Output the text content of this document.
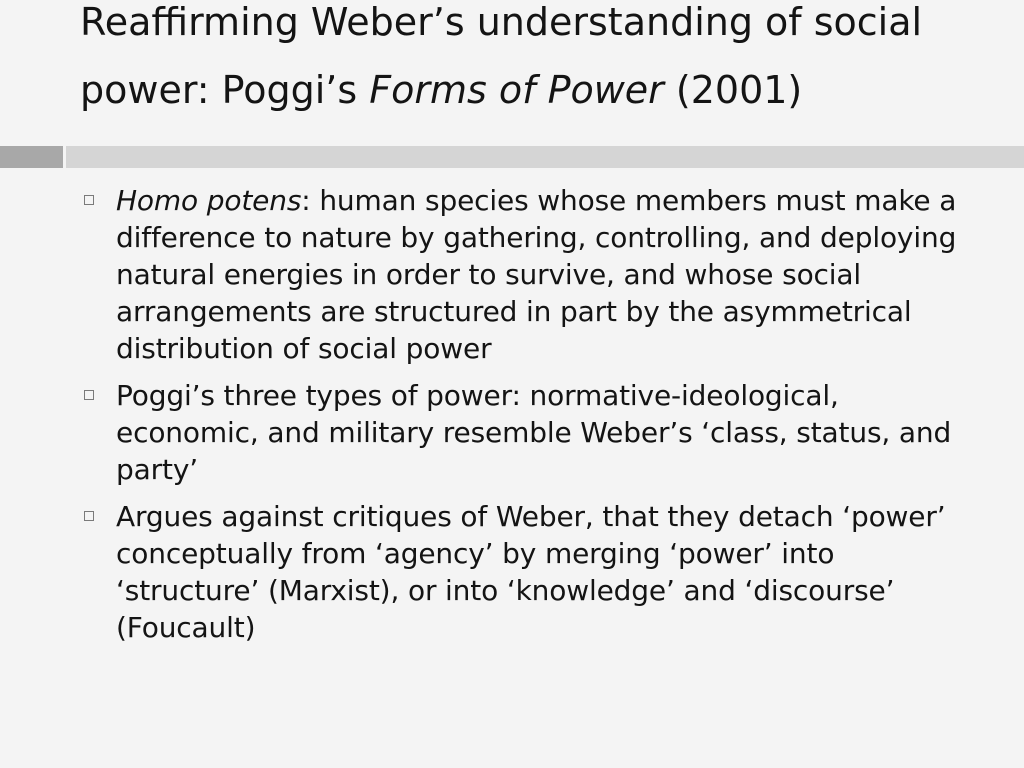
Reaffirming Weber’s understanding of social power: Poggi’s Forms of Power (2001)
Homo potens: human species whose members must make a difference to nature by gathering, controlling, and deploying natural energies in order to survive, and whose social arrangements are structured in part by the asymmetrical distribution of social power
Poggi’s three types of power: normative-ideological, economic, and military resemble Weber’s ‘class, status, and party’
Argues against critiques of Weber, that they detach ‘power’ conceptually from ‘agency’ by merging ‘power’ into ‘structure’ (Marxist), or into ‘knowledge’ and ‘discourse’ (Foucault)
